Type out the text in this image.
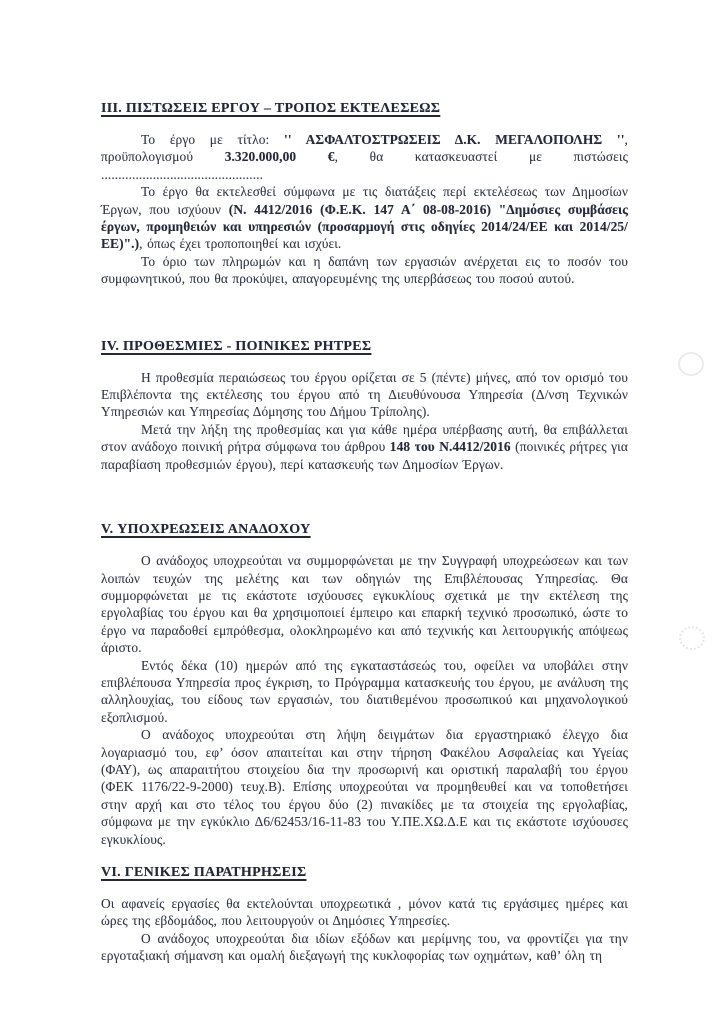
III. ΠΙΣΤΩΣΕΙΣ ΕΡΓΟΥ – ΤΡΟΠΟΣ ΕΚΤΕΛΕΣΕΩΣ

Το έργο με τίτλο: '' ΑΣΦΑΛΤΟΣΤΡΩΣΕΙΣ Δ.Κ. ΜΕΓΑΛΟΠΟΛΗΣ '', προϋπολογισμού 3.320.000,00 €, θα κατασκευαστεί με πιστώσεις ...............................................

Το έργο θα εκτελεσθεί σύμφωνα με τις διατάξεις περί εκτελέσεως των Δημοσίων Έργων, που ισχύουν (Ν. 4412/2016 (Φ.Ε.Κ. 147 Α΄ 08-08-2016) "Δημόσιες συμβάσεις έργων, προμηθειών και υπηρεσιών (προσαρμογή στις οδηγίες 2014/24/ΕΕ και 2014/25/ΕΕ)".), όπως έχει τροποποιηθεί και ισχύει.

Το όριο των πληρωμών και η δαπάνη των εργασιών ανέρχεται εις το ποσόν του συμφωνητικού, που θα προκύψει, απαγορευμένης της υπερβάσεως του ποσού αυτού.

IV. ΠΡΟΘΕΣΜΙΕΣ - ΠΟΙΝΙΚΕΣ ΡΗΤΡΕΣ

Η προθεσμία περαιώσεως του έργου ορίζεται σε 5 (πέντε) μήνες, από τον ορισμό του Επιβλέποντα της εκτέλεσης του έργου από τη Διευθύνουσα Υπηρεσία (Δ/νση Τεχνικών Υπηρεσιών και Υπηρεσίας Δόμησης του Δήμου Τρίπολης).

Μετά την λήξη της προθεσμίας και για κάθε ημέρα υπέρβασης αυτή, θα επιβάλλεται στον ανάδοχο ποινική ρήτρα σύμφωνα του άρθρου 148 του Ν.4412/2016 (ποινικές ρήτρες για παραβίαση προθεσμιών έργου), περί κατασκευής των Δημοσίων Έργων.

V. ΥΠΟΧΡΕΩΣΕΙΣ ΑΝΑΔΟΧΟΥ

Ο ανάδοχος υποχρεούται να συμμορφώνεται με την Συγγραφή υποχρεώσεων και των λοιπών τευχών της μελέτης και των οδηγιών της Επιβλέπουσας Υπηρεσίας. Θα συμμορφώνεται με τις εκάστοτε ισχύουσες εγκυκλίους σχετικά με την εκτέλεση της εργολαβίας του έργου και θα χρησιμοποιεί έμπειρο και επαρκή τεχνικό προσωπικό, ώστε το έργο να παραδοθεί εμπρόθεσμα, ολοκληρωμένο και από τεχνικής και λειτουργικής απόψεως άριστο.

Εντός δέκα (10) ημερών από της εγκαταστάσεώς του, οφείλει να υποβάλει στην επιβλέπουσα Υπηρεσία προς έγκριση, το Πρόγραμμα κατασκευής του έργου, με ανάλυση της αλληλουχίας, του είδους των εργασιών, του διατιθεμένου προσωπικού και μηχανολογικού εξοπλισμού.

Ο ανάδοχος υποχρεούται στη λήψη δειγμάτων δια εργαστηριακό έλεγχο δια λογαριασμό του, εφ’ όσον απαιτείται και στην τήρηση Φακέλου Ασφαλείας και Υγείας (ΦΑΥ), ως απαραιτήτου στοιχείου δια την προσωρινή και οριστική παραλαβή του έργου (ΦΕΚ 1176/22-9-2000) τευχ.Β). Επίσης υποχρεούται να προμηθευθεί και να τοποθετήσει στην αρχή και στο τέλος του έργου δύο (2) πινακίδες με τα στοιχεία της εργολαβίας, σύμφωνα με την εγκύκλιο Δ6/62453/16-11-83 του Υ.ΠΕ.ΧΩ.Δ.Ε και τις εκάστοτε ισχύουσες εγκυκλίους.

VI. ΓΕΝΙΚΕΣ ΠΑΡΑΤΗΡΗΣΕΙΣ

Οι αφανείς εργασίες θα εκτελούνται υποχρεωτικά , μόνον κατά τις εργάσιμες ημέρες και ώρες της εβδομάδος, που λειτουργούν οι Δημόσιες Υπηρεσίες.

Ο ανάδοχος υποχρεούται δια ιδίων εξόδων και μερίμνης του, να φροντίζει για την εργοταξιακή σήμανση και ομαλή διεξαγωγή της κυκλοφορίας των οχημάτων, καθ’ όλη τη
